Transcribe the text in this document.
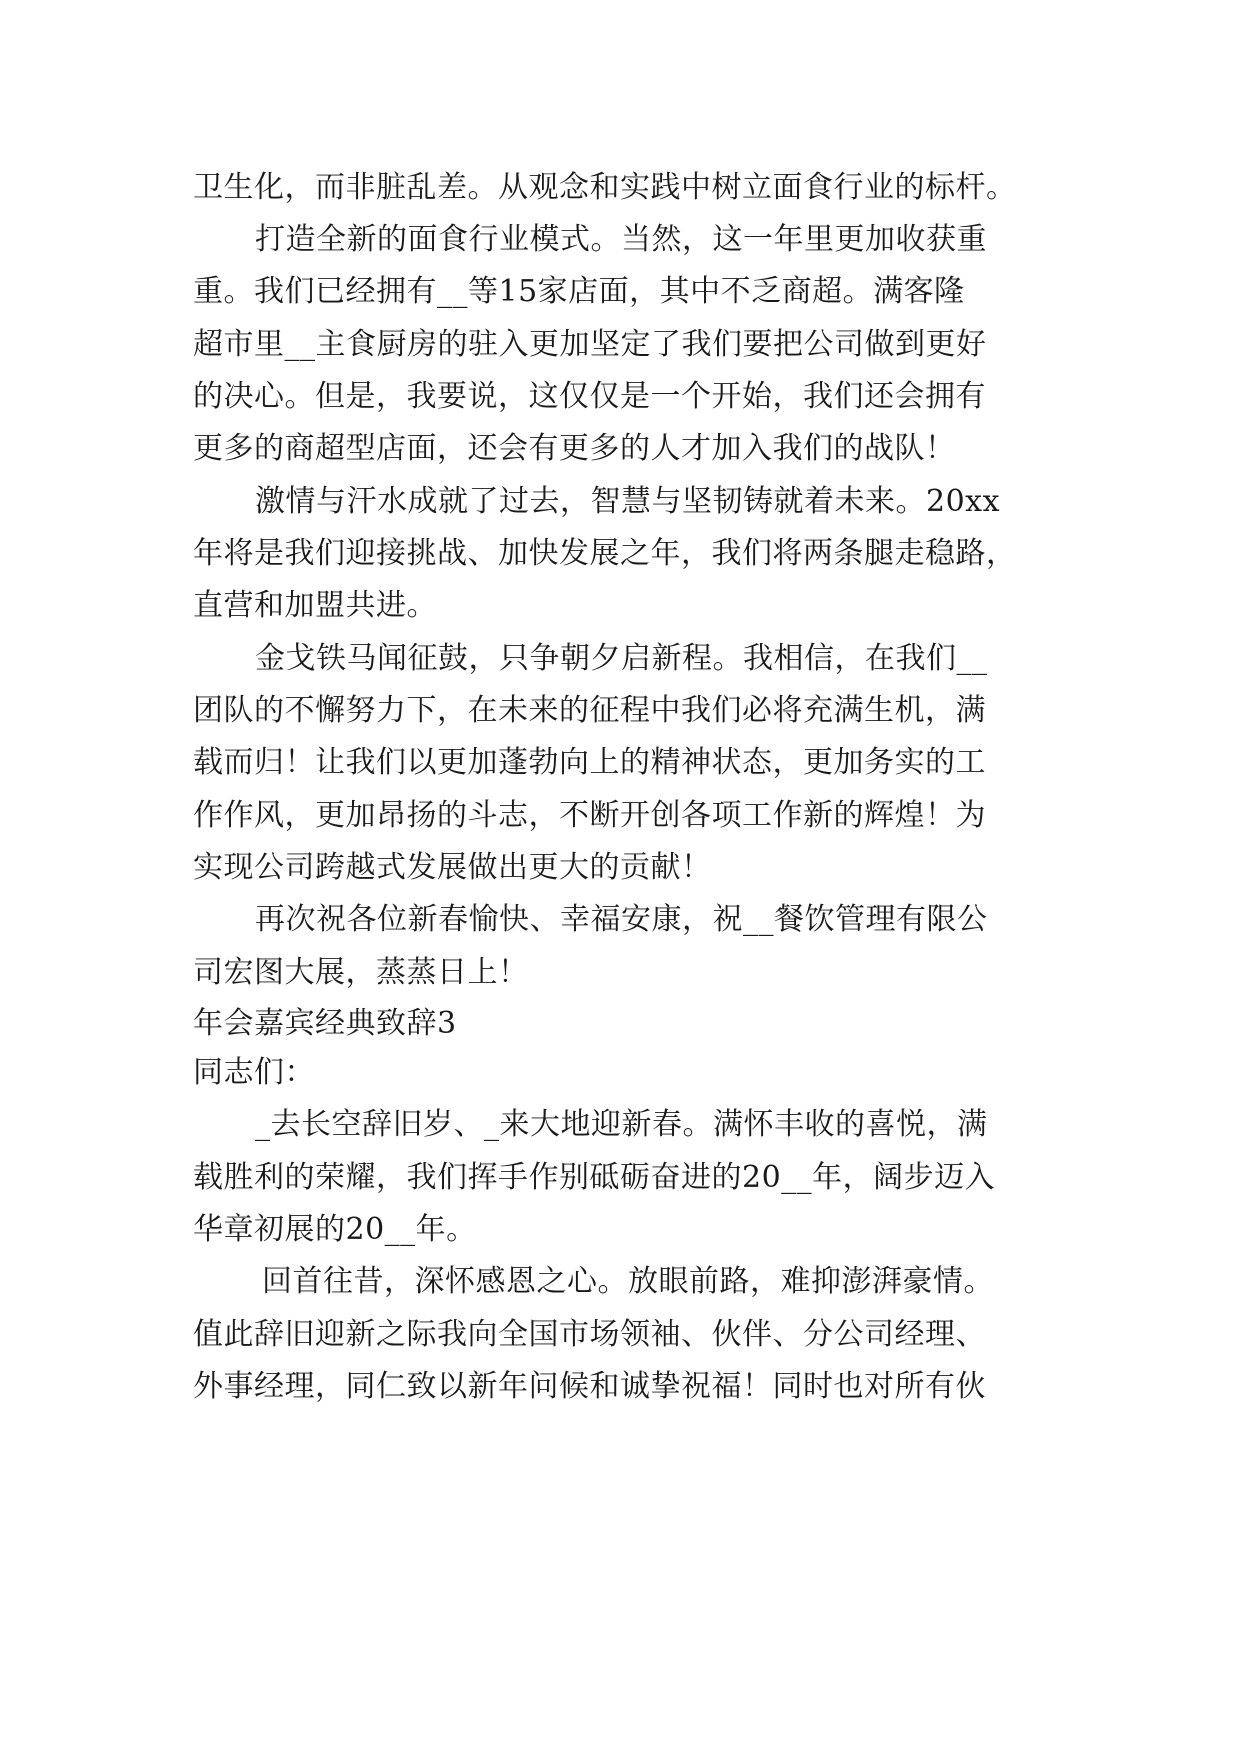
卫生化，而非脏乱差。从观念和实践中树立面食行业的标杆。
打造全新的面食行业模式。当然，这一年里更加收获重
重。我们已经拥有__等15家店面，其中不乏商超。满客隆
超市里__主食厨房的驻入更加坚定了我们要把公司做到更好
的决心。但是，我要说，这仅仅是一个开始，我们还会拥有
更多的商超型店面，还会有更多的人才加入我们的战队！
激情与汗水成就了过去，智慧与坚韧铸就着未来。20xx
年将是我们迎接挑战、加快发展之年，我们将两条腿走稳路，
直营和加盟共进。
金戈铁马闻征鼓，只争朝夕启新程。我相信，在我们__
团队的不懈努力下，在未来的征程中我们必将充满生机，满
载而归！让我们以更加蓬勃向上的精神状态，更加务实的工
作作风，更加昂扬的斗志，不断开创各项工作新的辉煌！为
实现公司跨越式发展做出更大的贡献！
再次祝各位新春愉快、幸福安康，祝__餐饮管理有限公
司宏图大展，蒸蒸日上！
年会嘉宾经典致辞3
同志们：
_去长空辞旧岁、_来大地迎新春。满怀丰收的喜悦，满
载胜利的荣耀，我们挥手作别砥砺奋进的20__年，阔步迈入
华章初展的20__年。
回首往昔，深怀感恩之心。放眼前路，难抑澎湃豪情。
值此辞旧迎新之际我向全国市场领袖、伙伴、分公司经理、
外事经理，同仁致以新年问候和诚挚祝福！同时也对所有伙
